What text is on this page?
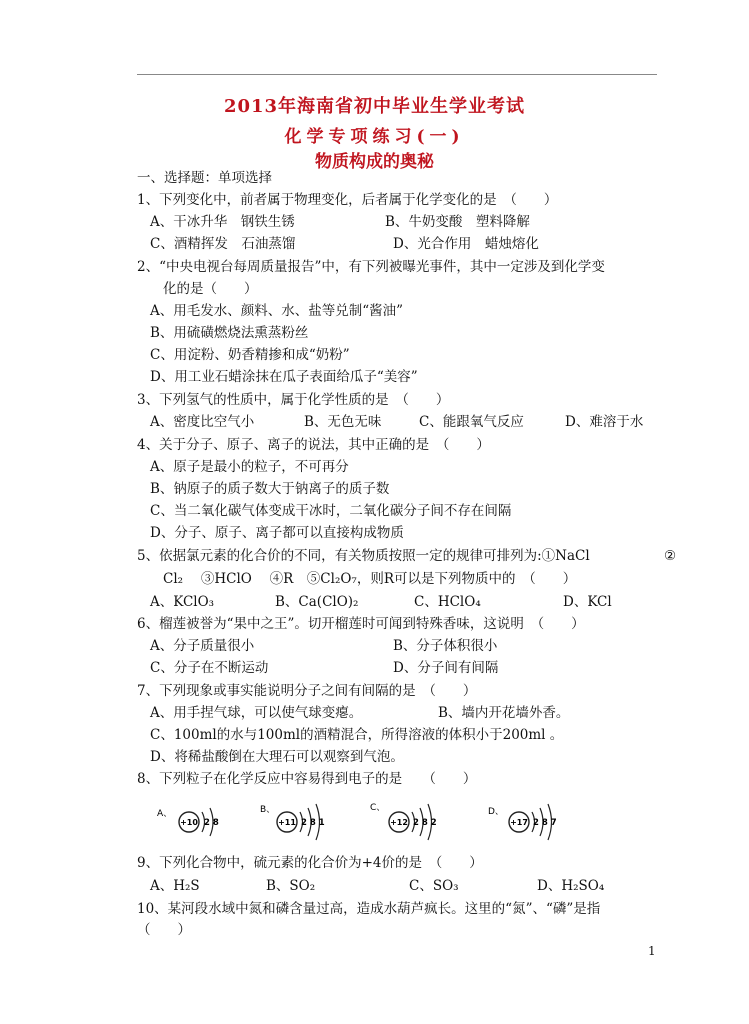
2013年海南省初中毕业生学业考试
化学专项练习(一)
物质构成的奥秘
一、选择题：单项选择
1、下列变化中，前者属于物理变化，后者属于化学变化的是　（　　）
A、干冰升华　钢铁生锈	B、牛奶变酸　塑料降解
C、酒精挥发　石油蒸馏	D、光合作用　蜡烛熔化
2、“中央电视台每周质量报告”中，有下列被曝光事件，其中一定涉及到化学变
化的是（　　）
A、用毛发水、颜料、水、盐等兑制“酱油”
B、用硫磺燃烧法熏蒸粉丝
C、用淀粉、奶香精掺和成“奶粉”
D、用工业石蜡涂抹在瓜子表面给瓜子“美容”
3、下列氢气的性质中，属于化学性质的是　（　　）
A、密度比空气小	B、无色无味	C、能跟氧气反应	D、难溶于水
4、关于分子、原子、离子的说法，其中正确的是　（　　）
A、原子是最小的粒子，不可再分
B、钠原子的质子数大于钠离子的质子数
C、当二氧化碳气体变成干冰时，二氧化碳分子间不存在间隔
D、分子、原子、离子都可以直接构成物质
5、依据氯元素的化合价的不同，有关物质按照一定的规律可排列为:①NaCl	②
Cl₂　 ③HClO　 ④R　⑤Cl₂O₇，则R可以是下列物质中的　（　　）
A、KClO₃	B、Ca(ClO)₂	C、HClO₄	D、KCl
6、榴莲被誉为“果中之王”。切开榴莲时可闻到特殊香味，这说明　（　　）
A、分子质量很小	B、分子体积很小
C、分子在不断运动	D、分子间有间隔
7、下列现象或事实能说明分子之间有间隔的是　（　　）
A、用手捏气球，可以使气球变瘪。	B、墙内开花墙外香。
C、100ml的水与100ml的酒精混合，所得溶液的体积小于200ml 。
D、将稀盐酸倒在大理石可以观察到气泡。
8、下列粒子在化学反应中容易得到电子的是　　（　　）
A、
+10 2 8
B、
+11 2 8 1
C、
+12 2 8 2
D、
+17 2 8 7
9、下列化合物中，硫元素的化合价为+4价的是　（　　）
A、H₂S	B、SO₂	C、SO₃	D、H₂SO₄
10、某河段水域中氮和磷含量过高，造成水葫芦疯长。这里的“氮”、“磷”是指
（　　）
1
